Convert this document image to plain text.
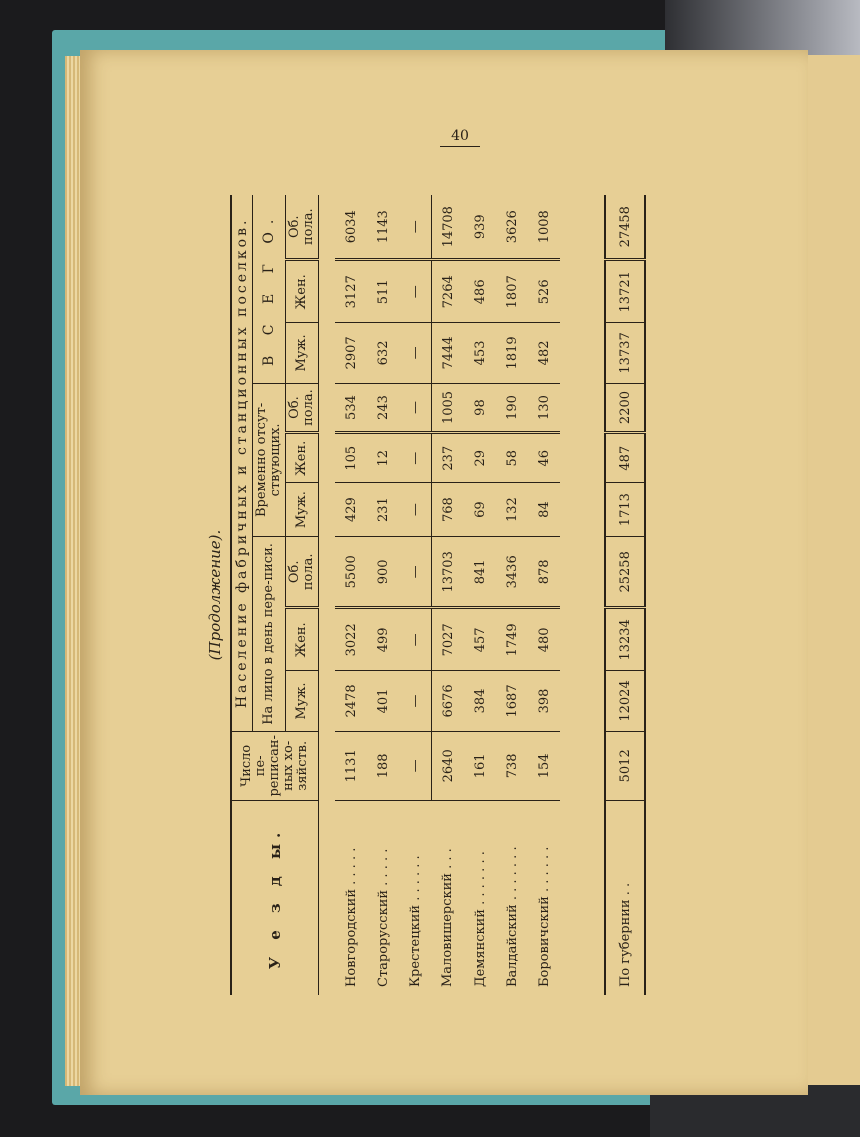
40
(Продолжение).
У е з д ы.	Число пе-реписан-ных хо-зяйств.	Население фабричных и станционных поселков.								
		На лицо в день пере-писи.			Временно отсут-ствующих.			В С Е Г О.		
		Муж.	Жен.	Об. пола.	Муж.	Жен.	Об. пола.	Муж.	Жен.	Об. пола.

Новгородский . . . . .	1131	2478	3022	5500	429	105	534	2907	3127	6034
Старорусский . . . . .	188	401	499	900	231	12	243	632	511	1143
Крестецкий . . . . . .	—	—	—	—	—	—	—	—	—	—
Маловишерский . . .	2640	6676	7027	13703	768	237	1005	7444	7264	14708
Демянский . . . . . . .	161	384	457	841	69	29	98	453	486	939
Валдайский . . . . . . .	738	1687	1749	3436	132	58	190	1819	1807	3626
Боровичский . . . . . .	154	398	480	878	84	46	130	482	526	1008

По губернии . .	5012	12024	13234	25258	1713	487	2200	13737	13721	27458
